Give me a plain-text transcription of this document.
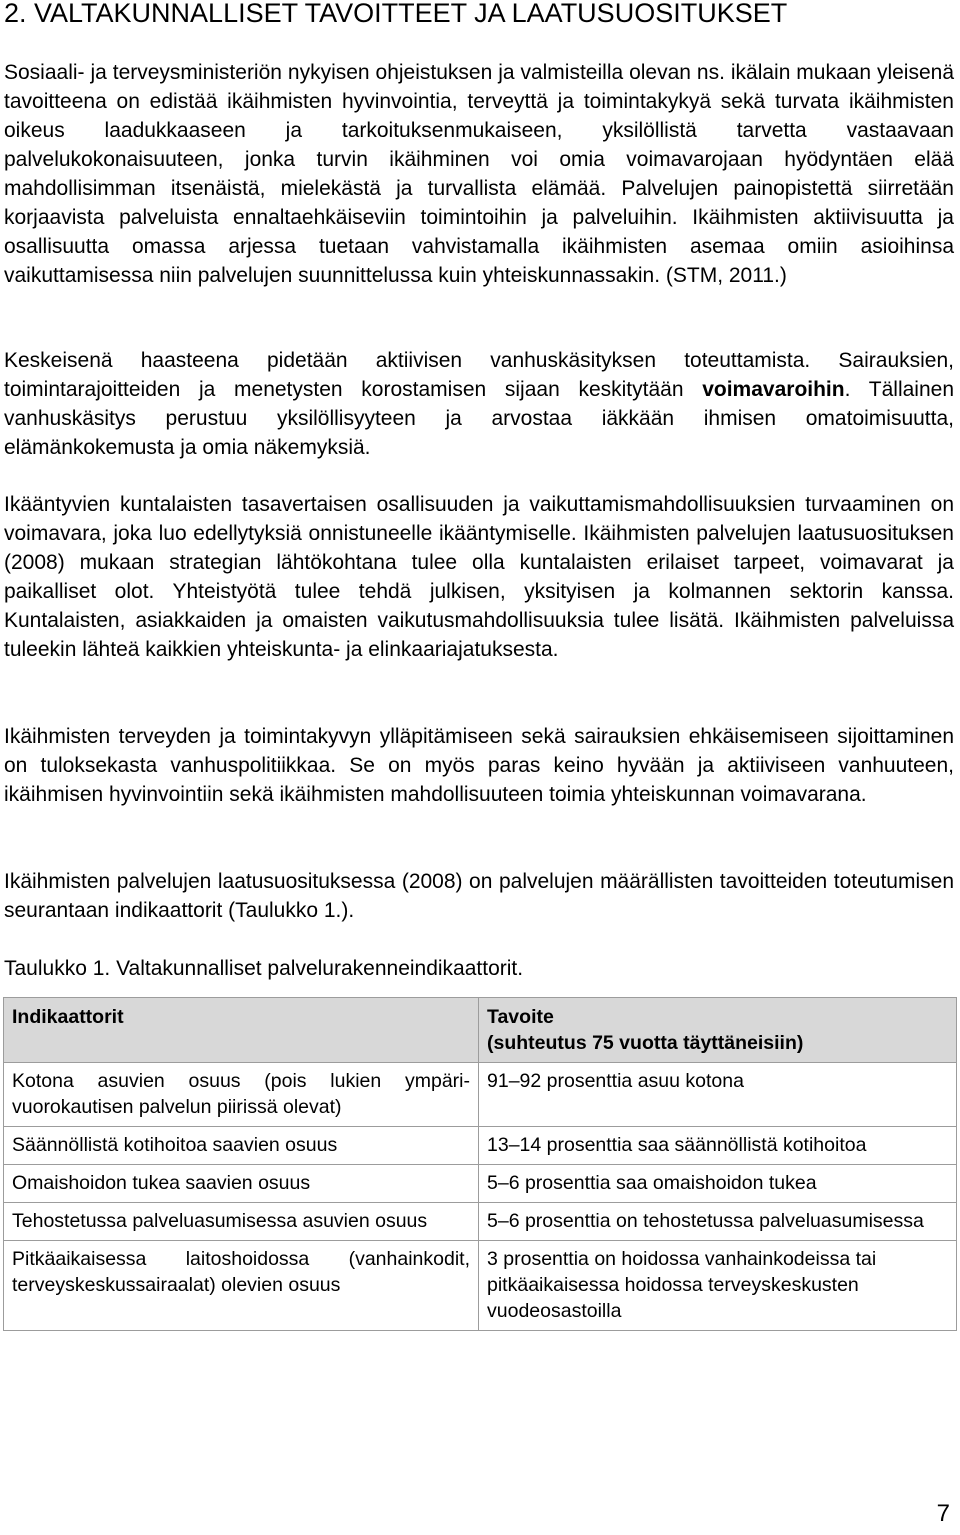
2. VALTAKUNNALLISET TAVOITTEET JA LAATUSUOSITUKSET

Sosiaali- ja terveysministeriön nykyisen ohjeistuksen ja valmisteilla olevan ns. ikälain mukaan yleisenä tavoitteena on edistää ikäihmisten hyvinvointia, terveyttä ja toimintakykyä sekä turvata ikäihmisten oikeus laadukkaaseen ja tarkoituksenmukaiseen, yksilöllistä tarvetta vastaavaan palvelukokonaisuuteen, jonka turvin ikäihminen voi omia voimavarojaan hyödyntäen elää mahdollisimman itsenäistä, mielekästä ja turvallista elämää. Palvelujen painopistettä siirretään korjaavista palveluista ennaltaehkäiseviin toimintoihin ja palveluihin. Ikäihmisten aktiivisuutta ja osallisuutta omassa arjessa tuetaan vahvistamalla ikäihmisten asemaa omiin asioihinsa vaikuttamisessa niin palvelujen suunnittelussa kuin yhteiskunnassakin. (STM, 2011.)

Keskeisenä haasteena pidetään aktiivisen vanhuskäsityksen toteuttamista. Sairauksien, toimintarajoitteiden ja menetysten korostamisen sijaan keskitytään voimavaroihin. Tällainen vanhuskäsitys perustuu yksilöllisyyteen ja arvostaa iäkkään ihmisen omatoimisuutta, elämänkokemusta ja omia näkemyksiä.

Ikääntyvien kuntalaisten tasavertaisen osallisuuden ja vaikuttamismahdollisuuksien turvaaminen on voimavara, joka luo edellytyksiä onnistuneelle ikääntymiselle. Ikäihmisten palvelujen laatusuosituksen (2008) mukaan strategian lähtökohtana tulee olla kuntalaisten erilaiset tarpeet, voimavarat ja paikalliset olot. Yhteistyötä tulee tehdä julkisen, yksityisen ja kolmannen sektorin kanssa. Kuntalaisten, asiakkaiden ja omaisten vaikutusmahdollisuuksia tulee lisätä. Ikäihmisten palveluissa tuleekin lähteä kaikkien yhteiskunta- ja elinkaariajatuksesta.

Ikäihmisten terveyden ja toimintakyvyn ylläpitämiseen sekä sairauksien ehkäisemiseen sijoittaminen on tuloksekasta vanhuspolitiikkaa. Se on myös paras keino hyvään ja aktiiviseen vanhuuteen, ikäihmisen hyvinvointiin sekä ikäihmisten mahdollisuuteen toimia yhteiskunnan voimavarana.

Ikäihmisten palvelujen laatusuosituksessa (2008) on palvelujen määrällisten tavoitteiden toteutumisen seurantaan indikaattorit (Taulukko 1.).

Taulukko 1. Valtakunnalliset palvelurakenneindikaattorit.

Indikaattorit	Tavoite
(suhteutus 75 vuotta täyttäneisiin)
Kotona asuvien osuus (pois lukien ympärivuorokautisen palvelun piirissä olevat)	91–92 prosenttia asuu kotona
Säännöllistä kotihoitoa saavien osuus	13–14 prosenttia saa säännöllistä kotihoitoa
Omaishoidon tukea saavien osuus	5–6 prosenttia saa omaishoidon tukea
Tehostetussa palveluasumisessa asuvien osuus	5–6 prosenttia on tehostetussa palveluasumisessa
Pitkäaikaisessa laitoshoidossa (vanhainkodit, terveyskeskussairaalat) olevien osuus	3 prosenttia on hoidossa vanhainkodeissa tai pitkäaikaisessa hoidossa terveyskeskusten vuodeosastoilla
7
